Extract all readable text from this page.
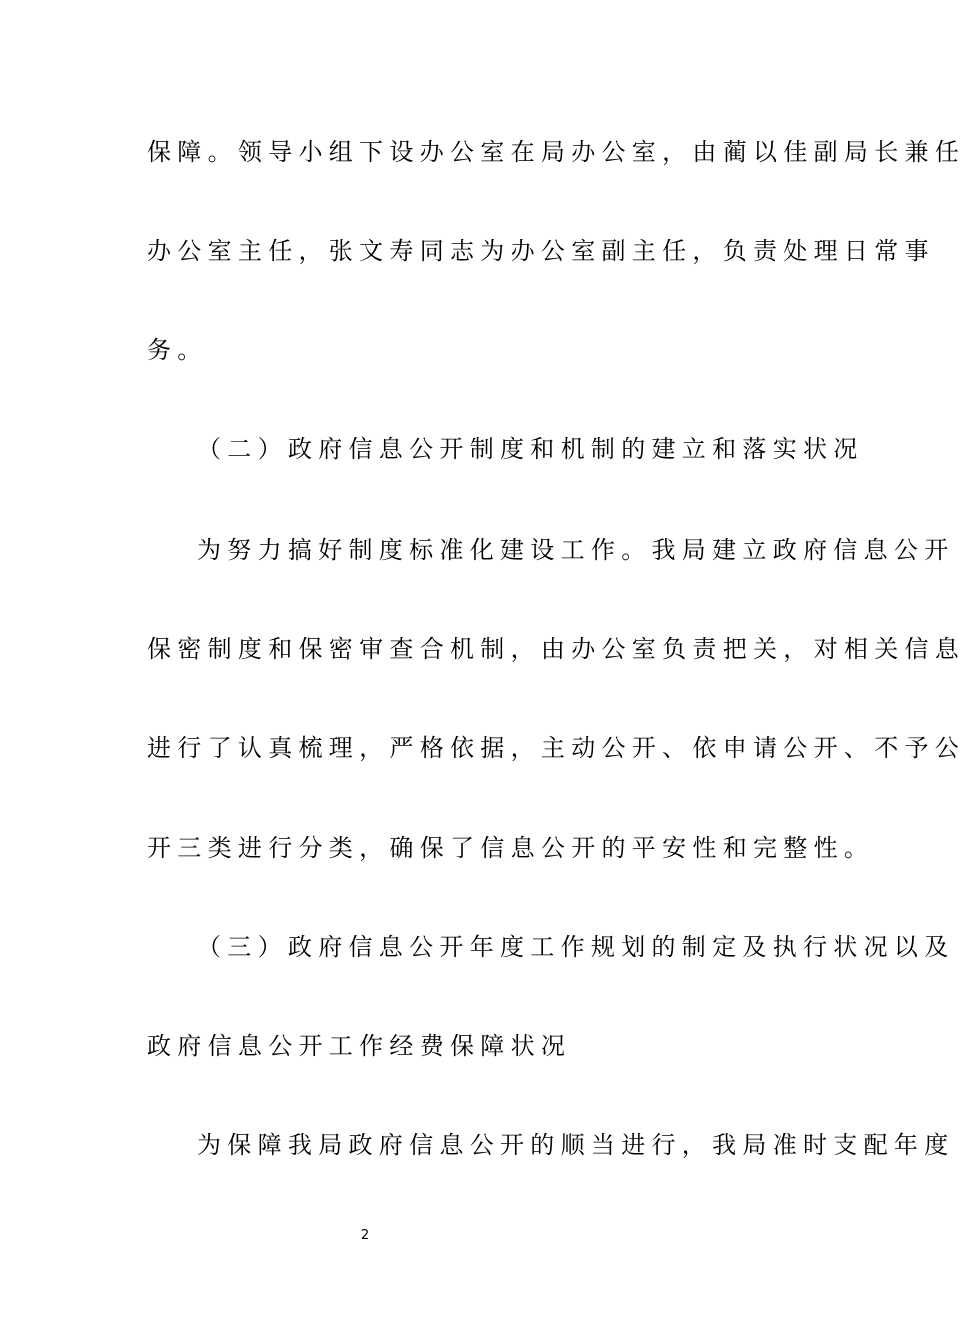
保障。领导小组下设办公室在局办公室，由蔺以佳副局长兼任
办公室主任，张文寿同志为办公室副主任，负责处理日常事
务。
（二）政府信息公开制度和机制的建立和落实状况
为努力搞好制度标准化建设工作。我局建立政府信息公开
保密制度和保密审查合机制，由办公室负责把关，对相关信息
进行了认真梳理，严格依据，主动公开、依申请公开、不予公
开三类进行分类，确保了信息公开的平安性和完整性。
（三）政府信息公开年度工作规划的制定及执行状况以及
政府信息公开工作经费保障状况
为保障我局政府信息公开的顺当进行，我局准时支配年度
2
